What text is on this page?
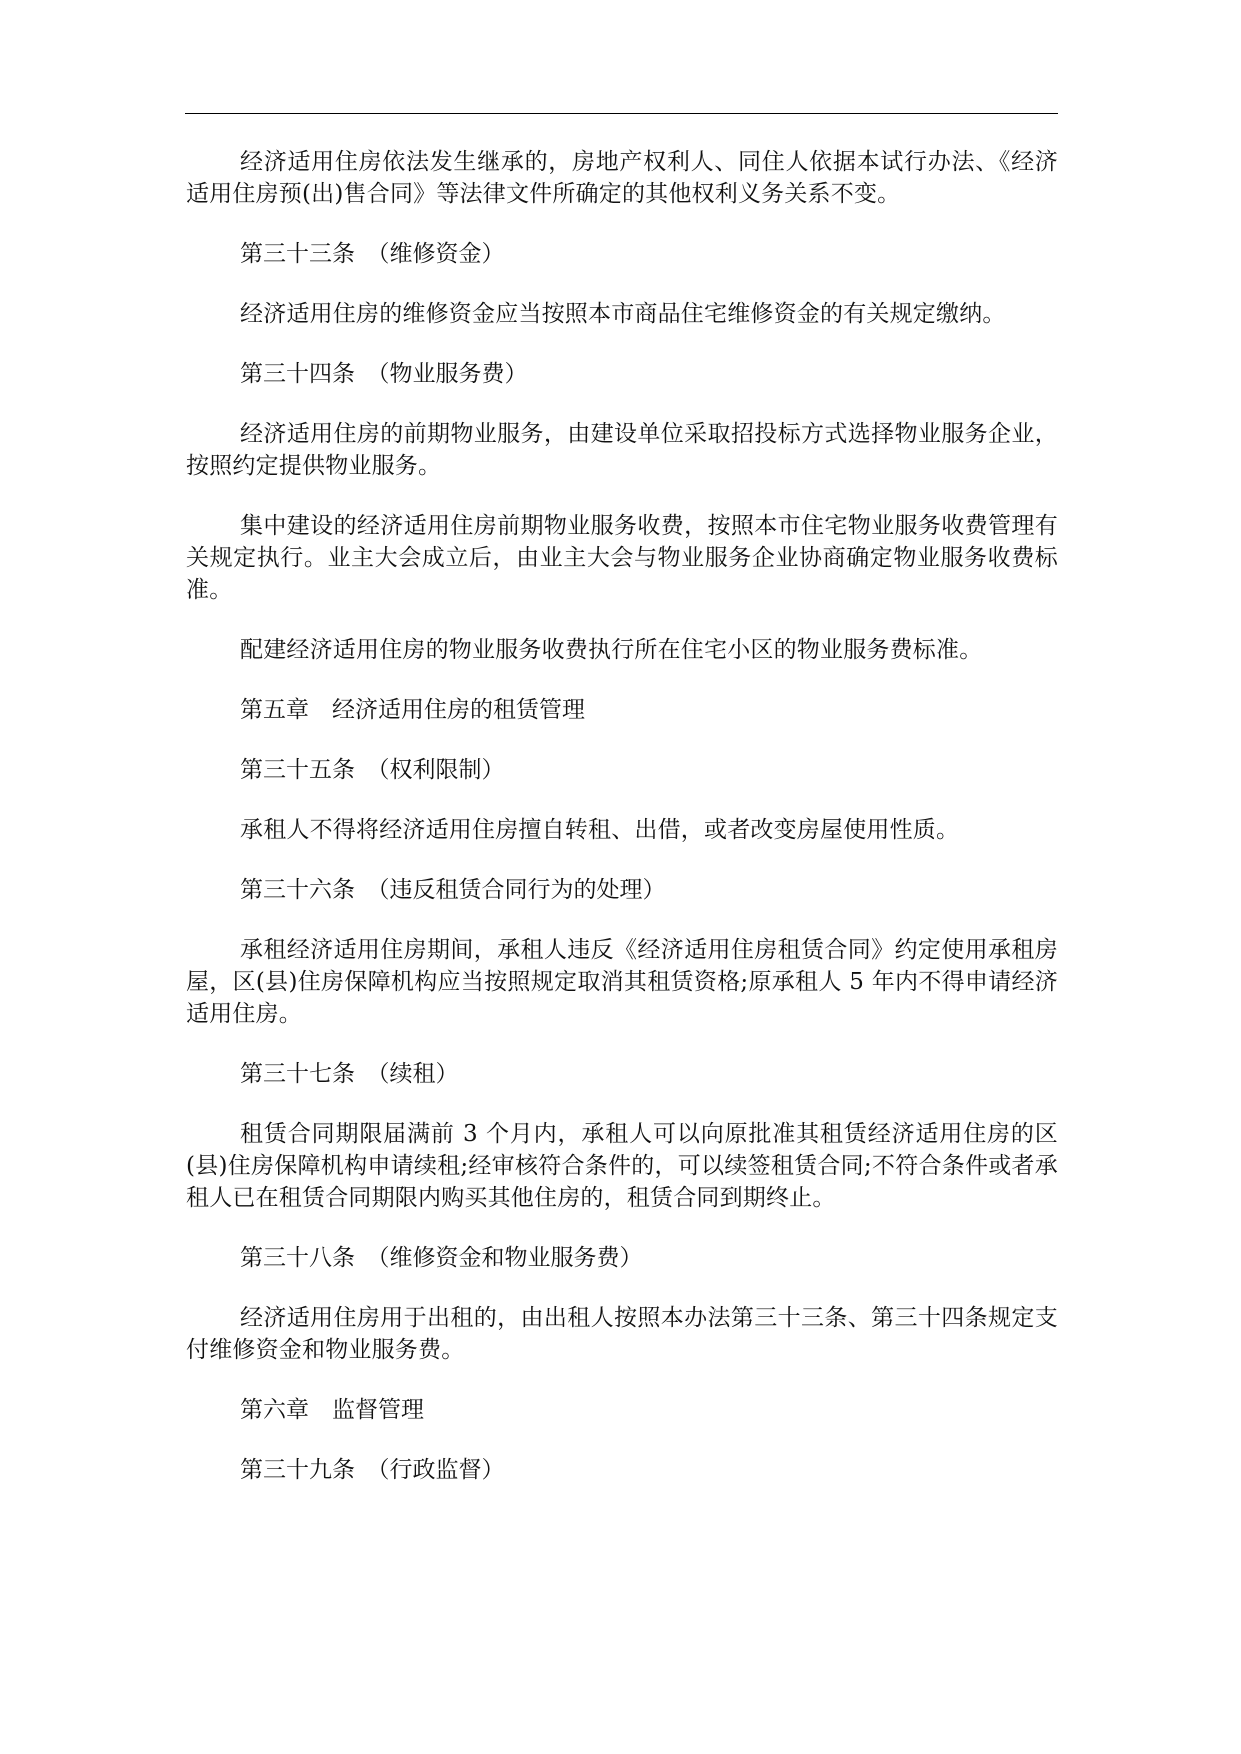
经济适用住房依法发生继承的，房地产权利人、同住人依据本试行办法、《经济适用住房预(出)售合同》等法律文件所确定的其他权利义务关系不变。

第三十三条　（维修资金）

经济适用住房的维修资金应当按照本市商品住宅维修资金的有关规定缴纳。

第三十四条　（物业服务费）

经济适用住房的前期物业服务，由建设单位采取招投标方式选择物业服务企业，按照约定提供物业服务。

集中建设的经济适用住房前期物业服务收费，按照本市住宅物业服务收费管理有关规定执行。业主大会成立后，由业主大会与物业服务企业协商确定物业服务收费标准。

配建经济适用住房的物业服务收费执行所在住宅小区的物业服务费标准。

第五章　经济适用住房的租赁管理

第三十五条　（权利限制）

承租人不得将经济适用住房擅自转租、出借，或者改变房屋使用性质。

第三十六条　（违反租赁合同行为的处理）

承租经济适用住房期间，承租人违反《经济适用住房租赁合同》约定使用承租房屋，区(县)住房保障机构应当按照规定取消其租赁资格;原承租人 5 年内不得申请经济适用住房。

第三十七条　（续租）

租赁合同期限届满前 3 个月内，承租人可以向原批准其租赁经济适用住房的区(县)住房保障机构申请续租;经审核符合条件的，可以续签租赁合同;不符合条件或者承租人已在租赁合同期限内购买其他住房的，租赁合同到期终止。

第三十八条　（维修资金和物业服务费）

经济适用住房用于出租的，由出租人按照本办法第三十三条、第三十四条规定支付维修资金和物业服务费。

第六章　监督管理

第三十九条　（行政监督）
